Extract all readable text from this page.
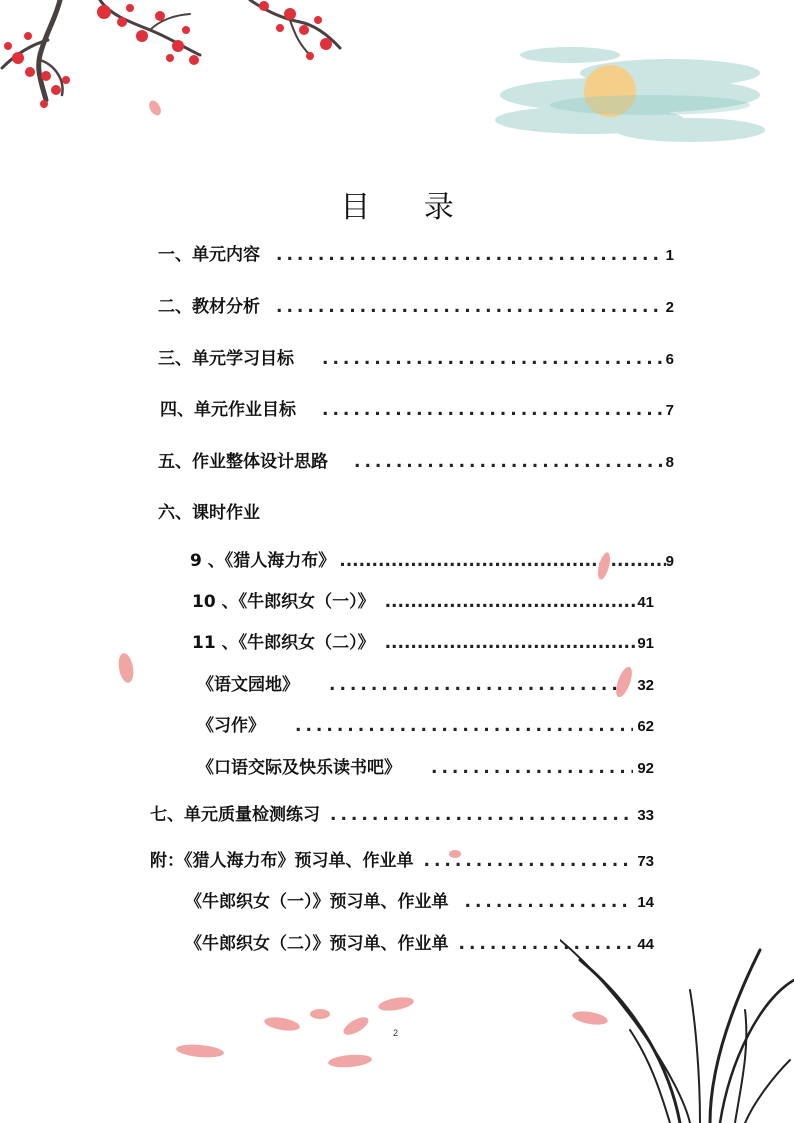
目 录
一、单元内容 .....	1
二、教材分析 .....	2
三、单元学习目标 .....	6
四、单元作业目标 .....	7
五、作业整体设计思路 .....	8
六、课时作业
9 、《猎人海力布》 .....	9
10 、《牛郎织女（一）》 .....	41
11 、《牛郎织女（二）》 .....	91
《语文园地》 .....	32
《习作》 .....	62
《口语交际及快乐读书吧》 .....	92
七、单元质量检测练习 .....	33
附：《猎人海力布》预习单、作业单 .....	73
《牛郎织女（一）》预习单、作业单 .....	14
《牛郎织女（二）》预习单、作业单 .....	44
2
